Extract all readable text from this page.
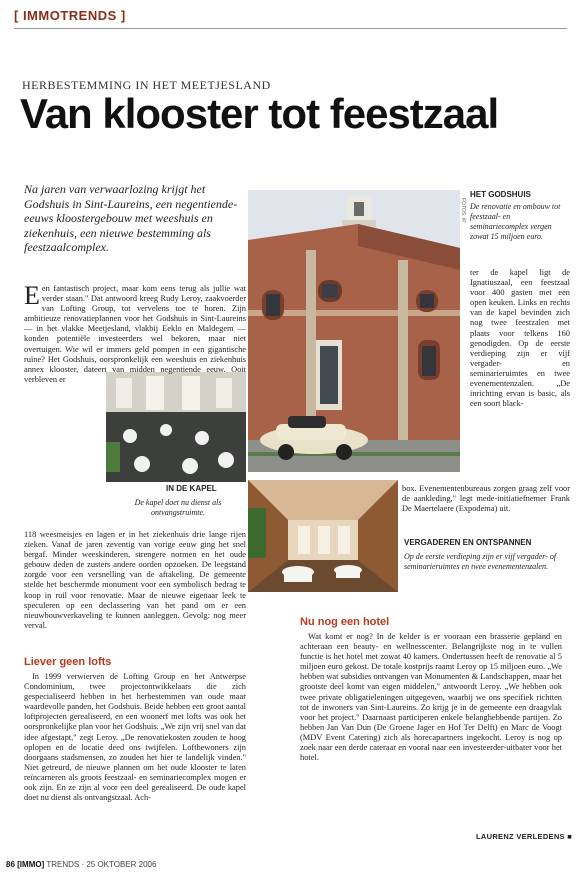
[ IMMOTRENDS ]
HERBESTEMMING IN HET MEETJESLAND
Van klooster tot feestzaal
Na jaren van verwaarlozing krijgt het Godshuis in Sint-Laureins, een negentiende-eeuws kloostergebouw met weeshuis en ziekenhuis, een nieuwe bestemming als feestzaalcomplex.
FOTOS: IP
HET GODSHUIS
De renovatie en ombouw tot feestzaal- en seminariecomplex vergen zowat 15 miljoen euro.
IN DE KAPEL
De kapel doet nu dienst als ontvangstruimte.

ter de kapel ligt de Ignatiuszaal, een feestzaal voor 400 gasten met een open keuken. Links en rechts van de kapel bevinden zich nog twee feestzalen met plaats voor telkens 160 genodigden. Op de eerste verdieping zijn er vijf vergader- en seminarieruimtes en twee evenementenzalen. „De inrichting ervan is basic, als een soort black-

box. Evenementenbureaus zorgen graag zelf voor de aankleding," legt mede-initiatiefnemer Frank De Maertelaere (Expodema) uit.

VERGADEREN EN ONTSPANNEN
Op de eerste verdieping zijn er vijf vergader- of seminarieruimtes en twee evenementenzalen.
E en fantastisch project, maar kom eens terug als jullie wat verder staan." Dat antwoord kreeg Rudy Leroy, zaakvoerder van Lofting Group, tot vervelens toe te horen. Zijn ambitieuze renovatieplannen voor het Godshuis in Sint-Laureins — in het vlakke Meetjesland, vlakbij Eeklo en Maldegem — konden potentiële investeerders wel bekoren, maar niet overtuigen. Wie wil er immers geld pompen in een gigantische ruïne? Het Godshuis, oorspronkelijk een weeshuis en ziekenhuis annex klooster, dateert van midden negentiende eeuw. Ooit verbleven er
118 weesmeisjes en lagen er in het ziekenhuis drie lange rijen zieken. Vanaf de jaren zeventig van vorige eeuw ging het snel bergaf. Minder weeskinderen, strengere normen en het oude gebouw deden de zusters andere oorden opzoeken. De leegstand zorgde voor een versnelling van de aftakeling. De gemeente stelde het beschermde monument voor een symbolisch bedrag te koop in ruil voor renovatie. Maar de nieuwe eigenaar leek te speculeren op een declassering van het pand om er een nieuwbouwverkaveling te kunnen aanleggen. Gevolg: nog meer verval.
Liever geen lofts

In 1999 verwierven de Lofting Group en het Antwerpse Condominium, twee projectontwikkelaars die zich gespecialiseerd hebben in het herbestemmen van oude maar waardevolle panden, het Godshuis. Beide hebben een groot aantal loftprojecten gerealiseerd, en een woonerf met lofts was ook het oorspronkelijke plan voor het Godshuis. „We zijn vrij snel van dat idee afgestapt," zegt Leroy. „De renovatiekosten zouden te hoog oplopen en de locatie deed ons twijfelen. Loftbewoners zijn doorgaans stadsmensen, zo zouden het hier te landelijk vinden." Niet getreurd, de nieuwe plannen om het oude klooster te laten reïncarneren als groots feestzaal- en seminariecomplex mogen er ook zijn. En ze zijn al voor een deel gerealiseerd. De oude kapel doet nu dienst als ontvangstzaal. Ach-

Nu nog een hotel

Wat komt er nog? In de kelder is er vooraan een brasserie gepland en achteraan een beauty- en wellnesscenter. Belangrijkste nog in te vullen functie is het hotel met zowat 40 kamers. Ondertussen heeft de renovatie al 5 miljoen euro gekost. De totale kostprijs raamt Leroy op 15 miljoen euro. „We hebben wat subsidies ontvangen van Monumenten & Landschappen, maar het grootste deel komt van eigen middelen," antwoordt Leroy. „We hebben ook twee private obligatieleningen uitgegeven, waarbij we ons specifiek richtten tot de inwoners van Sint-Laureins. Zo krijg je in de gemeente een draagvlak voor het project." Daarnaast participeren enkele belanghebbende partijen. Zo hebben Jan Van Dun (De Groene Jager en Hof Ter Delft) en Marc de Voogt (MDV Event Catering) zich als horecapartners ingekocht. Leroy is nog op zoek naar een derde cateraar en vooral naar een investeerder-uitbater voor het hotel.

LAURENZ VERLEDENS ■
86 [IMMO] TRENDS · 25 OKTOBER 2006
